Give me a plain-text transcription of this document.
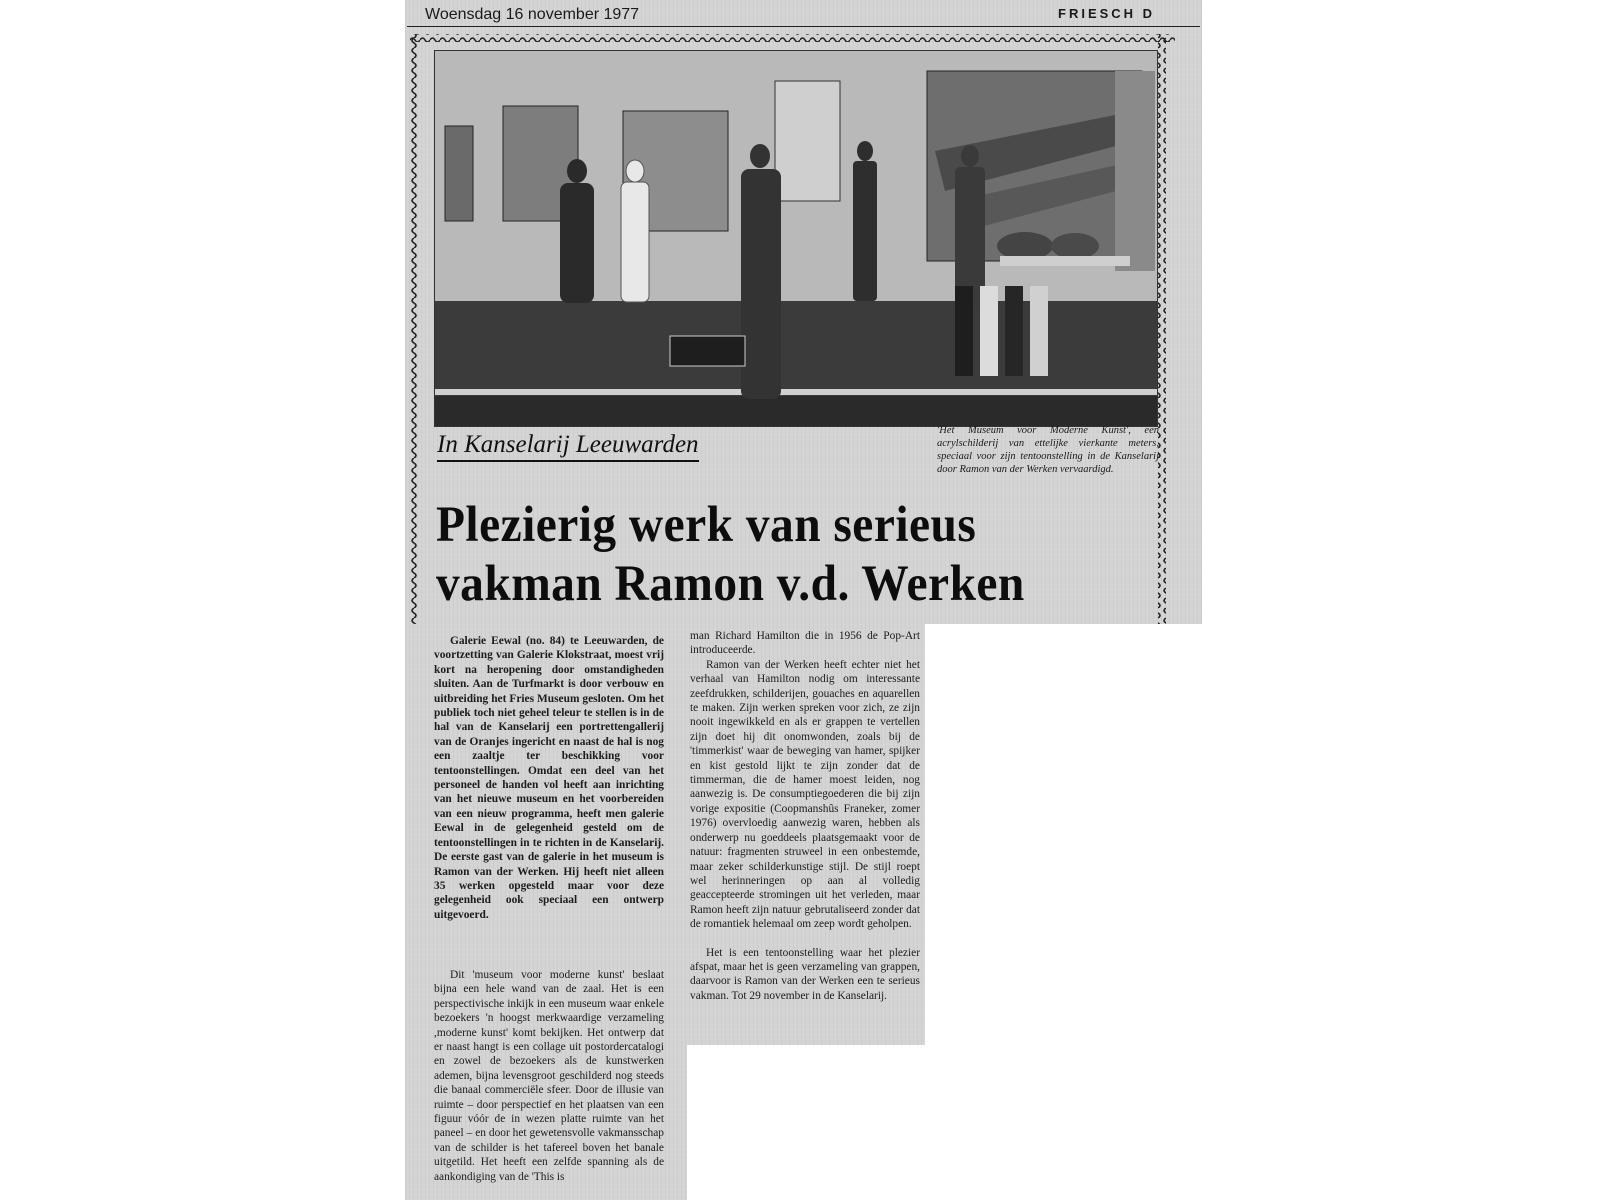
Woensdag 16 november 1977	FRIESCH D
In Kanselarij Leeuwarden
'Het Museum voor Moderne Kunst', een acrylschilderij van ettelijke vierkante meters, speciaal voor zijn tentoonstelling in de Kanselarij door Ramon van der Werken vervaardigd.
Plezierig werk van serieus vakman Ramon v.d. Werken

Galerie Eewal (no. 84) te Leeuwarden, de voortzetting van Galerie Klokstraat, moest vrij kort na heropening door omstandigheden sluiten. Aan de Turfmarkt is door verbouw en uitbreiding het Fries Museum gesloten. Om het publiek toch niet geheel teleur te stellen is in de hal van de Kanselarij een portrettengallerij van de Oranjes ingericht en naast de hal is nog een zaaltje ter beschikking voor tentoonstellingen. Omdat een deel van het personeel de handen vol heeft aan inrichting van het nieuwe museum en het voorbereiden van een nieuw programma, heeft men galerie Eewal in de gelegenheid gesteld om de tentoonstellingen in te richten in de Kanselarij. De eerste gast van de galerie in het museum is Ramon van der Werken. Hij heeft niet alleen 35 werken opgesteld maar voor deze gelegenheid ook speciaal een ontwerp uitgevoerd.

Dit 'museum voor moderne kunst' beslaat bijna een hele wand van de zaal. Het is een perspectivische inkijk in een museum waar enkele bezoekers 'n hoogst merkwaardige verzameling ,moderne kunst' komt bekijken. Het ontwerp dat er naast hangt is een collage uit postordercatalogi en zowel de bezoekers als de kunstwerken ademen, bijna levensgroot geschilderd nog steeds die banaal commerciële sfeer. Door de illusie van ruimte – door perspectief en het plaatsen van een figuur vóór de in wezen platte ruimte van het paneel – en door het gewetensvolle vakmansschap van de schilder is het tafereel boven het banale uitgetild. Het heeft een zelfde spanning als de aankondiging van de 'This is

man Richard Hamilton die in 1956 de Pop-Art introduceerde.

Ramon van der Werken heeft echter niet het verhaal van Hamilton nodig om interessante zeefdrukken, schilderijen, gouaches en aquarellen te maken. Zijn werken spreken voor zich, ze zijn nooit ingewikkeld en als er grappen te vertellen zijn doet hij dit onomwonden, zoals bij de 'timmerkist' waar de beweging van hamer, spijker en kist gestold lijkt te zijn zonder dat de timmerman, die de hamer moest leiden, nog aanwezig is. De consumptiegoederen die bij zijn vorige expositie (Coopmanshûs Franeker, zomer 1976) overvloedig aanwezig waren, hebben als onderwerp nu goeddeels plaatsgemaakt voor de natuur: fragmenten struweel in een onbestemde, maar zeker schilderkunstige stijl. De stijl roept wel herinneringen op aan al volledig geaccepteerde stromingen uit het verleden, maar Ramon heeft zijn natuur gebrutaliseerd zonder dat de romantiek helemaal om zeep wordt geholpen.

Het is een tentoonstelling waar het plezier afspat, maar het is geen verzameling van grappen, daarvoor is Ramon van der Werken een te serieus vakman. Tot 29 november in de Kanselarij.
